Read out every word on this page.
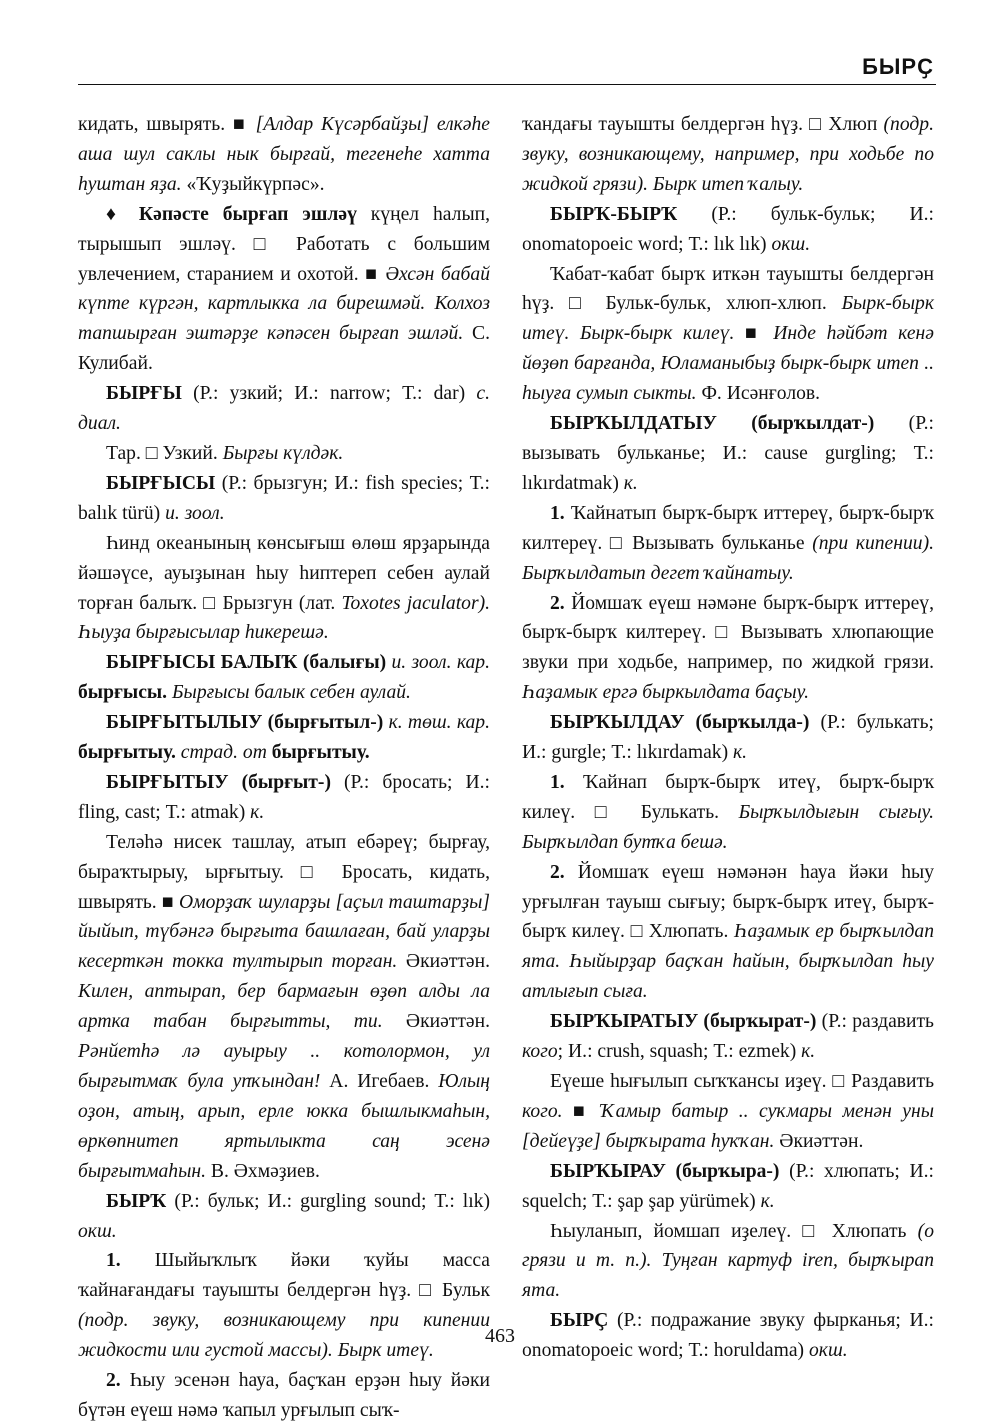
БЫРҪ

кидать, швырять. ■ [Алдар Күсәрбайҙы] елкәһе аша шул саклы нык бырғай, тегенеһе хатта һуштан яҙа. «Ҡуҙыйкүрпәс».

♦ Кәпәсте бырғап эшләү күңел һалып, тырышып эшләү. □ Работать с большим увлечением, старанием и охотой. ■ Әхсән бабай күпте күргән, картлыкка ла бирешмәй. Колхоз тапшырған эштәрҙе кәпәсен бырғап эшләй. С. Кулибай.

БЫРҒЫ (Р.: узкий; И.: narrow; Т.: dar) с. диал.

Тар. □ Узкий. Бырғы күлдәк.

БЫРҒЫСЫ (Р.: брызгун; И.: fish species; Т.: balık türü) и. зоол.

Һинд океанының көнсығыш өлөш ярҙарында йәшәүсе, ауыҙынан һыу һиптереп себен аулай торған балыҡ. □ Брызгун (лат. Toxotes jaculator). Һыуҙа бырғысылар һикерешә.

БЫРҒЫСЫ БАЛЫҠ (балығы) и. зоол. кар. бырғысы. Бырғысы балык себен аулай.

БЫРҒЫТЫЛЫУ (бырғытыл-) к. төш. кар. бырғытыу. страд. от бырғытыу.

БЫРҒЫТЫУ (бырғыт-) (Р.: бросать; И.: fling, cast; Т.: atmak) к.

Теләһә нисек ташлау, атып ебәреү; бырғау, быраҡтырыу, ырғытыу. □ Бросать, кидать, швырять. ■ Оморҙаҡ шуларҙы [аҫыл таштарҙы] йыйып, түбәнгә бырғыта башлаған, бай уларҙы кесерткән токка тултырып торған. Әкиәттән. Килен, аптырап, бер бармағын өҙөп алды ла артка табан бырғытты, ти. Әкиәттән. Рәнйетһә лә ауырыу .. котолормон, ул бырғытмаҡ була упҡындан! А. Игебаев. Юлың оҙон, атың, арып, ерле юкка бышлыкмаһын, өркөпнитеп яртылыкта саң эсенә бырғытмаһын. В. Әхмәҙиев.

БЫРҠ (Р.: бульк; И.: gurgling sound; Т.: lık) окш.

1. Шыйыҡлыҡ йәки ҡуйы масса ҡайнағандағы тауышты белдергән һүҙ. □ Бульк (подр. звуку, возникающему при кипении жидкости или густой массы). Бырк итеү.

2. Һыу эсенән һауа, баҫҡан ерҙән һыу йәки бүтән еүеш нәмә ҡапыл урғылып сыҡ-

ҡандағы тауышты белдергән һүҙ. □ Хлюп (подр. звуку, возникающему, например, при ходьбе по жидкой грязи). Бырк итеп ҡалыу.

БЫРҠ-БЫРҠ (Р.: бульк-бульк; И.: onomatopoeic word; Т.: lık lık) окш.

Ҡабат-ҡабат бырҡ иткән тауышты белдергән һүҙ. □ Бульк-бульк, хлюп-хлюп. Бырк-бырк итеү. Бырк-бырк килеү. ■ Инде һәйбәт кенә йөҙөп барғанда, Юламаныбыҙ бырк-бырк итеп .. һыуға сумып сыкты. Ф. Исәнғолов.

БЫРҠЫЛДАТЫУ (бырҡылдат-) (Р.: вызывать бульканье; И.: cause gurgling; Т.: lıkırdatmak) к.

1. Ҡайнатып бырҡ-бырҡ иттереү, бырҡ-бырҡ килтереү. □ Вызывать бульканье (при кипении). Бырҡылдатып дегет ҡайнатыу.

2. Йомшаҡ еүеш нәмәне бырҡ-бырҡ иттереү, бырҡ-бырҡ килтереү. □ Вызывать хлюпающие звуки при ходьбе, например, по жидкой грязи. Һаҙамык ергә быркылдата баҫыу.

БЫРҠЫЛДАУ (бырҡылда-) (Р.: булькать; И.: gurgle; Т.: lıkırdamak) к.

1. Ҡайнап бырҡ-бырҡ итеү, бырҡ-бырҡ килеү. □ Булькать. Бырҡылдығын сығыу. Бырҡылдап бутҡа бешә.

2. Йомшаҡ еүеш нәмәнән һауа йәки һыу урғылған тауыш сығыу; бырҡ-бырҡ итеү, бырҡ-бырҡ килеү. □ Хлюпать. Һаҙамык ер бырҡылдап ята. Һыйырҙар баҫҡан һайын, бырҡылдап һыу атлығып сыға.

БЫРҠЫРАТЫУ (бырҡырат-) (Р.: раздавить кого; И.: crush, squash; Т.: ezmek) к.

Еүеше һығылып сыҡҡансы иҙеү. □ Раздавить кого. ■ Ҡамыр батыр .. суҡмары менән уны [дейеүҙе] бырҡырата һуҡҡан. Әкиәттән.

БЫРҠЫРАУ (бырҡыра-) (Р.: хлюпать; И.: squelch; Т.: şap şap yürümek) к.

Һыуланып, йомшап иҙелеү. □ Хлюпать (о грязи и т. п.). Туңған картуф ireп, бырҡырап ята.

БЫРҪ (Р.: подражание звуку фырканья; И.: onomatopoeic word; Т.: horuldama) окш.

463
